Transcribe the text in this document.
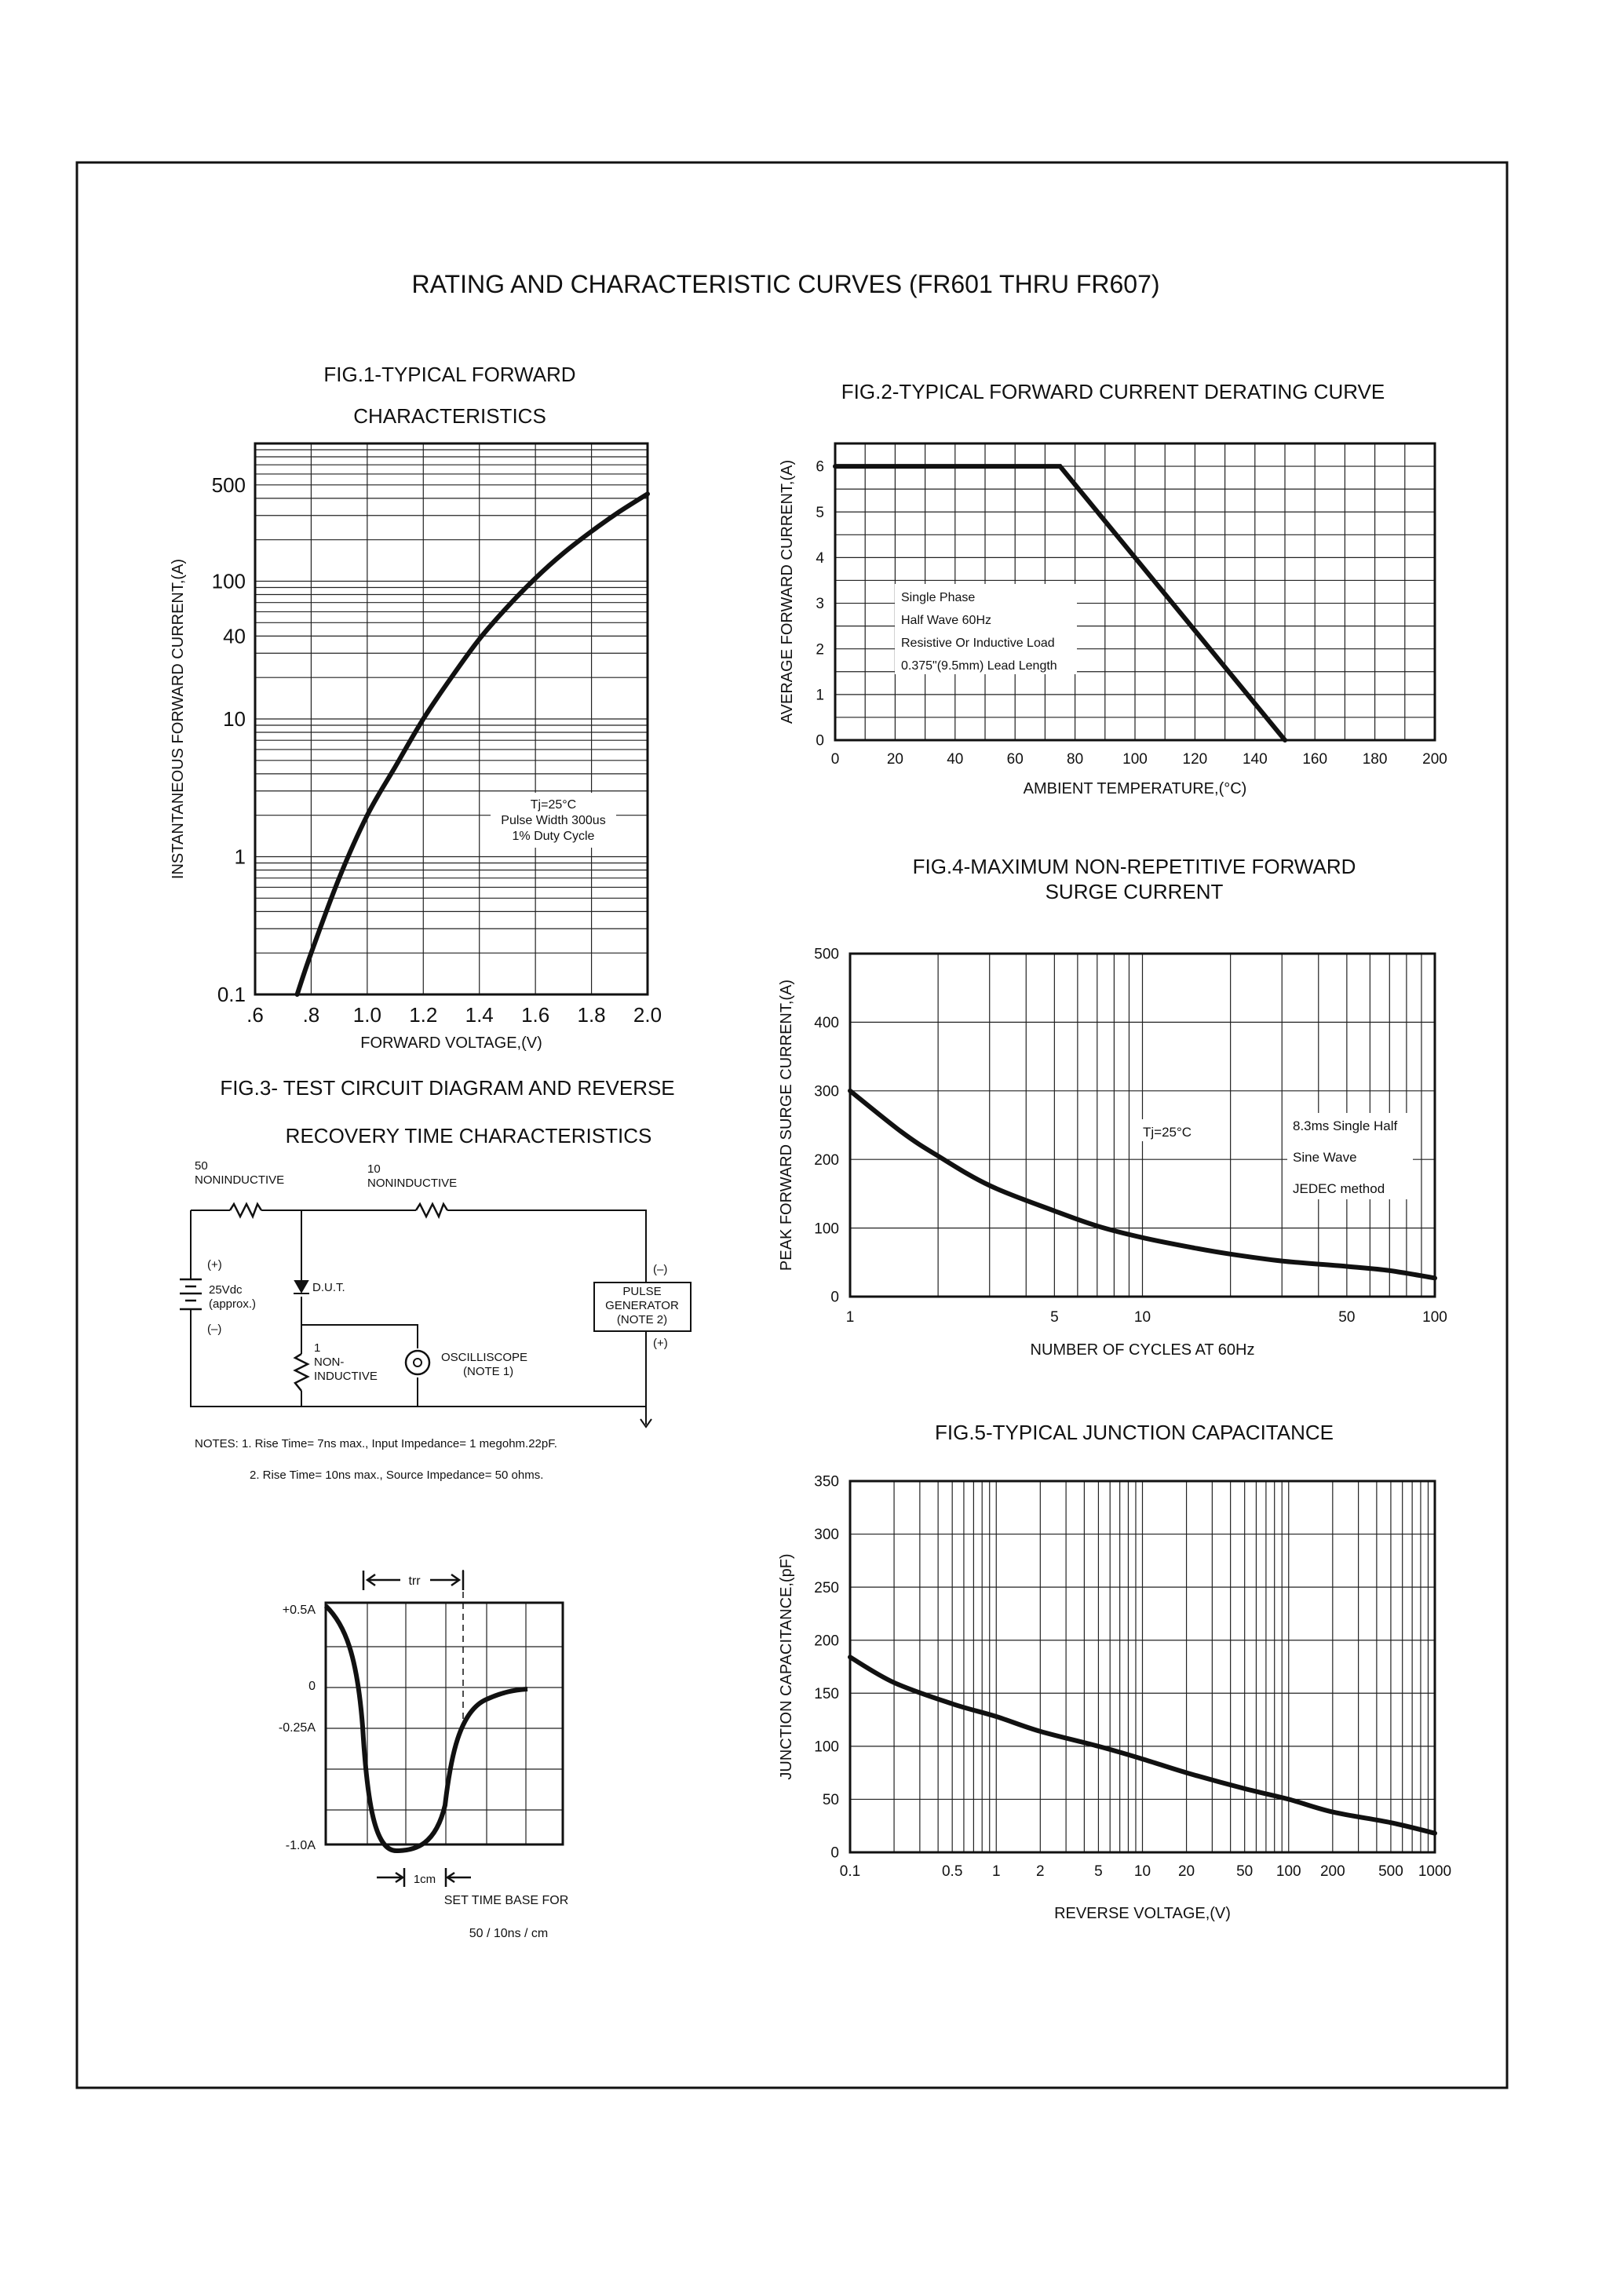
RATING AND CHARACTERISTIC CURVES (FR601 THRU FR607)
FIG.1-TYPICAL FORWARD
CHARACTERISTICS
.6 .8 1.0 1.2 1.4 1.6 1.8 2.0
0.1
1
10
40
100
500
FORWARD VOLTAGE,(V)
INSTANTANEOUS FORWARD CURRENT,(A)	Tj=25°C
Pulse Width 300us
1% Duty Cycle
FIG.2-TYPICAL FORWARD CURRENT DERATING CURVE
0	20	40	60	80	100 120 140 160 180 200
0
1
2
3
4
5
6
AMBIENT TEMPERATURE,(°C)
AVERAGE FORWARD CURRENT,(A)	Single Phase
Half Wave 60Hz
Resistive Or Inductive Load
0.375"(9.5mm) Lead Length
FIG.4-MAXIMUM NON-REPETITIVE FORWARD
SURGE CURRENT
1	5	10	50	100
0
100
200
300
400
500
NUMBER OF CYCLES AT 60Hz
PEAK FORWARD SURGE CURRENT,(A)	Tj=25°C	8.3ms Single Half
Sine Wave
JEDEC method
FIG.5-TYPICAL JUNCTION CAPACITANCE
0.1	0.5 1 2	5 10 20	50 100 200 500 1000
0
50
100
150
200
250
300
350
REVERSE VOLTAGE,(V)
JUNCTION CAPACITANCE,(pF)
FIG.3- TEST CIRCUIT DIAGRAM AND REVERSE
RECOVERY TIME CHARACTERISTICS
50
NONINDUCTIVE
10
NONINDUCTIVE
(+)
25Vdc
(approx.)
(–)
D.U.T.
1
NON-
INDUCTIVE
OSCILLISCOPE
(NOTE 1)
PULSE
GENERATOR
(NOTE 2)
(–)
(+)
NOTES: 1. Rise Time= 7ns max., Input Impedance= 1 megohm.22pF.
2. Rise Time= 10ns max., Source Impedance= 50 ohms.
+0.5A
0
-0.25A
-1.0A
trr
1cm
SET TIME BASE FOR
50 / 10ns / cm
